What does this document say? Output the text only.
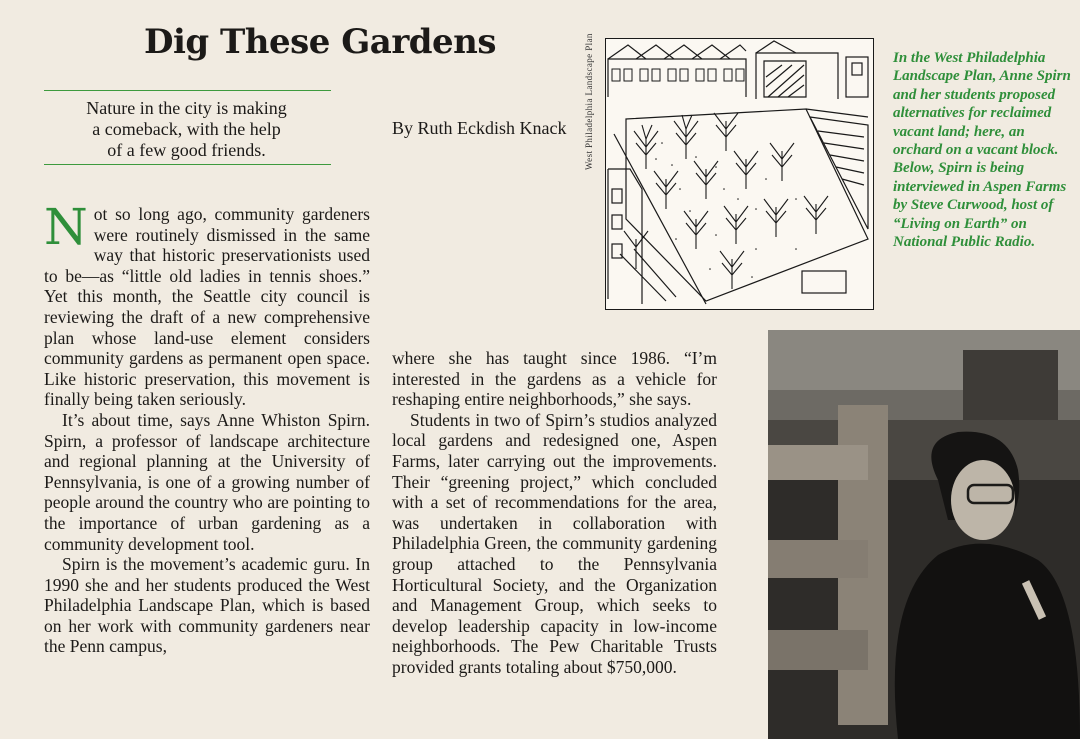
Dig These Gardens
Nature in the city is making
a comeback, with the help
of a few good friends.
By Ruth Eckdish Knack

Not so long ago, community gardeners were routinely dismissed in the same way that historic preservationists used to be—as “little old ladies in tennis shoes.” Yet this month, the Seattle city council is reviewing the draft of a new comprehensive plan whose land-use element considers community gardens as permanent open space. Like historic preservation, this movement is finally being taken seriously.

It’s about time, says Anne Whiston Spirn. Spirn, a professor of landscape architecture and regional planning at the University of Pennsylvania, is one of a growing number of people around the country who are pointing to the importance of urban gardening as a community development tool.

Spirn is the movement’s academic guru. In 1990 she and her students produced the West Philadelphia Landscape Plan, which is based on her work with community gardeners near the Penn campus,

where she has taught since 1986. “I’m interested in the gardens as a vehicle for reshaping entire neighborhoods,” she says.

Students in two of Spirn’s studios analyzed local gardens and redesigned one, Aspen Farms, later carrying out the improvements. Their “greening project,” which concluded with a set of recommendations for the area, was undertaken in collaboration with Philadelphia Green, the community gardening group attached to the Pennsylvania Horticultural Society, and the Organization and Management Group, which seeks to develop leadership capacity in low-income neighborhoods. The Pew Charitable Trusts provided grants totaling about $750,000.

West Philadelphia Landscape Plan	In the West Philadelphia Landscape Plan, Anne Spirn and her students proposed alternatives for reclaimed vacant land; here, an orchard on a vacant block. Below, Spirn is being interviewed in Aspen Farms by Steve Curwood, host of “Living on Earth” on National Public Radio.
